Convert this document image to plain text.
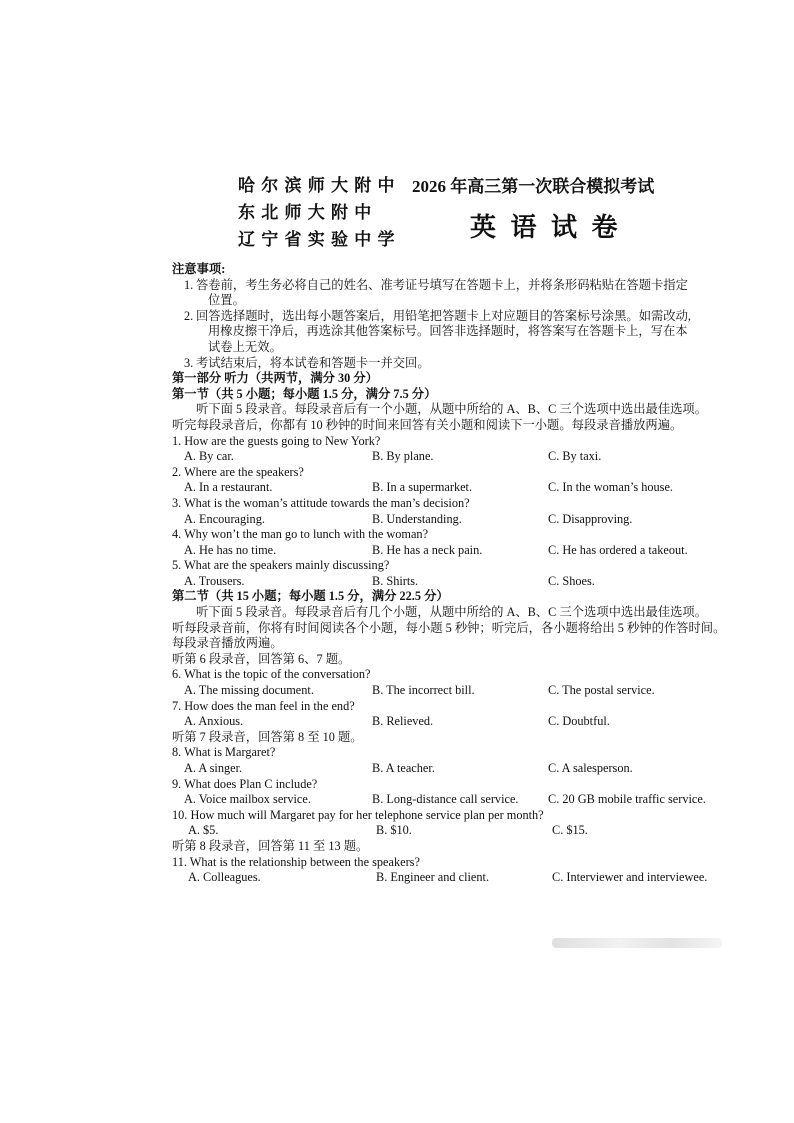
哈 尔 滨 师 大 附 中
东 北 师 大 附 中
辽 宁 省 实 验 中 学
2026 年高三第一次联合模拟考试
英 语 试 卷
注意事项:
1. 答卷前，考生务必将自己的姓名、准考证号填写在答题卡上，并将条形码粘贴在答题卡指定
位置。
2. 回答选择题时，选出每小题答案后，用铅笔把答题卡上对应题目的答案标号涂黑。如需改动,
用橡皮擦干净后，再选涂其他答案标号。回答非选择题时，将答案写在答题卡上，写在本
试卷上无效。
3. 考试结束后，将本试卷和答题卡一并交回。
第一部分 听力（共两节，满分 30 分）
第一节（共 5 小题；每小题 1.5 分，满分 7.5 分）
听下面 5 段录音。每段录音后有一个小题，从题中所给的 A、B、C 三个选项中选出最佳选项。
听完每段录音后，你都有 10 秒钟的时间来回答有关小题和阅读下一小题。每段录音播放两遍。
1. How are the guests going to New York?
A. By car.	B. By plane.	C. By taxi.
2. Where are the speakers?
A. In a restaurant.	B. In a supermarket.	C. In the woman’s house.
3. What is the woman’s attitude towards the man’s decision?
A. Encouraging.	B. Understanding.	C. Disapproving.
4. Why won’t the man go to lunch with the woman?
A. He has no time.	B. He has a neck pain.	C. He has ordered a takeout.
5. What are the speakers mainly discussing?
A. Trousers.	B. Shirts.	C. Shoes.
第二节（共 15 小题；每小题 1.5 分，满分 22.5 分）
听下面 5 段录音。每段录音后有几个小题，从题中所给的 A、B、C 三个选项中选出最佳选项。
听每段录音前，你将有时间阅读各个小题，每小题 5 秒钟；听完后，各小题将给出 5 秒钟的作答时间。
每段录音播放两遍。
听第 6 段录音，回答第 6、7 题。
6. What is the topic of the conversation?
A. The missing document.	B. The incorrect bill.	C. The postal service.
7. How does the man feel in the end?
A. Anxious.	B. Relieved.	C. Doubtful.
听第 7 段录音，回答第 8 至 10 题。
8. What is Margaret?
A. A singer.	B. A teacher.	C. A salesperson.
9. What does Plan C include?
A. Voice mailbox service.	B. Long-distance call service.	C. 20 GB mobile traffic service.
10. How much will Margaret pay for her telephone service plan per month?
A. $5.	B. $10.	C. $15.
听第 8 段录音，回答第 11 至 13 题。
11. What is the relationship between the speakers?
A. Colleagues.	B. Engineer and client.	C. Interviewer and interviewee.
